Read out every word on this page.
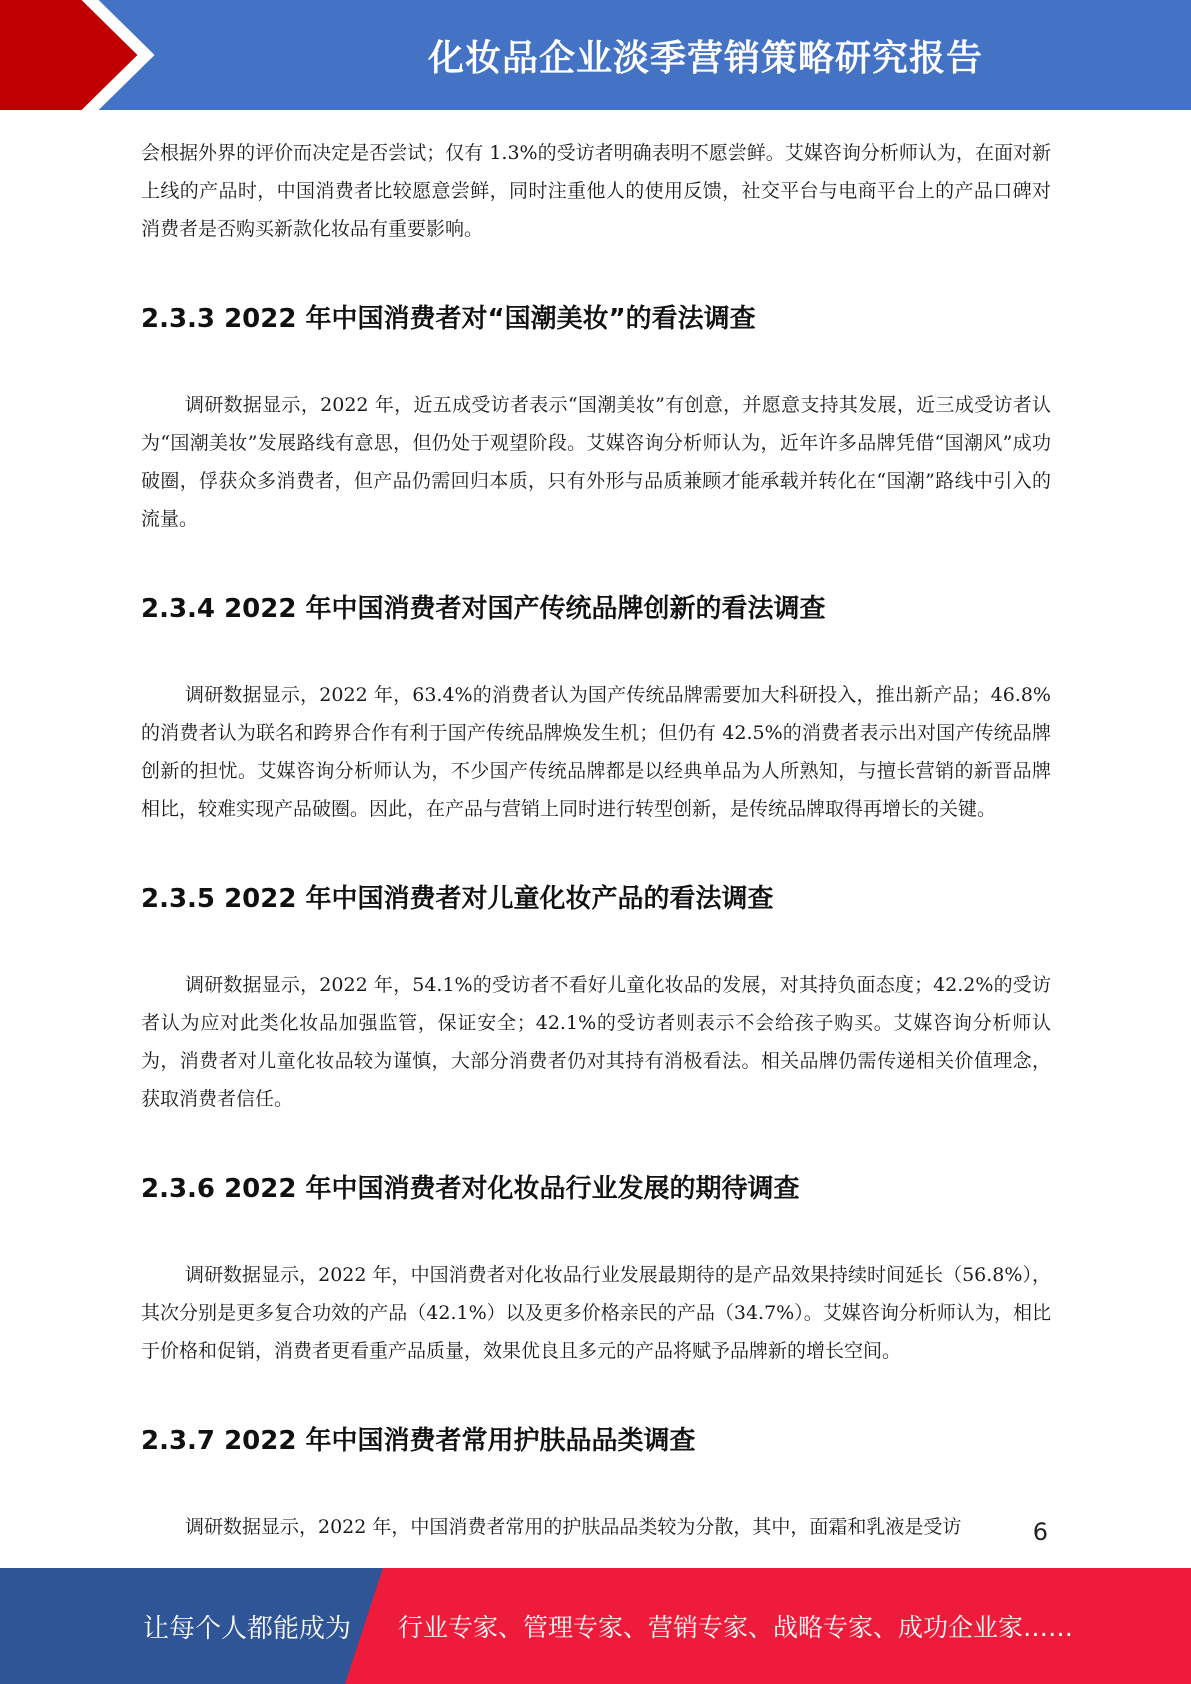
化妆品企业淡季营销策略研究报告

会根据外界的评价而决定是否尝试；仅有 1.3%的受访者明确表明不愿尝鲜。艾媒咨询分析师认为，在面对新上线的产品时，中国消费者比较愿意尝鲜，同时注重他人的使用反馈，社交平台与电商平台上的产品口碑对消费者是否购买新款化妆品有重要影响。

2.3.3 2022 年中国消费者对“国潮美妆”的看法调查

调研数据显示，2022 年，近五成受访者表示“国潮美妆”有创意，并愿意支持其发展，近三成受访者认为“国潮美妆”发展路线有意思，但仍处于观望阶段。艾媒咨询分析师认为，近年许多品牌凭借“国潮风”成功破圈，俘获众多消费者，但产品仍需回归本质，只有外形与品质兼顾才能承载并转化在“国潮”路线中引入的流量。

2.3.4 2022 年中国消费者对国产传统品牌创新的看法调查

调研数据显示，2022 年，63.4%的消费者认为国产传统品牌需要加大科研投入，推出新产品；46.8%的消费者认为联名和跨界合作有利于国产传统品牌焕发生机；但仍有 42.5%的消费者表示出对国产传统品牌创新的担忧。艾媒咨询分析师认为，不少国产传统品牌都是以经典单品为人所熟知，与擅长营销的新晋品牌相比，较难实现产品破圈。因此，在产品与营销上同时进行转型创新，是传统品牌取得再增长的关键。

2.3.5 2022 年中国消费者对儿童化妆产品的看法调查

调研数据显示，2022 年，54.1%的受访者不看好儿童化妆品的发展，对其持负面态度；42.2%的受访者认为应对此类化妆品加强监管，保证安全；42.1%的受访者则表示不会给孩子购买。艾媒咨询分析师认为，消费者对儿童化妆品较为谨慎，大部分消费者仍对其持有消极看法。相关品牌仍需传递相关价值理念，获取消费者信任。

2.3.6 2022 年中国消费者对化妆品行业发展的期待调查

调研数据显示，2022 年，中国消费者对化妆品行业发展最期待的是产品效果持续时间延长（56.8%），其次分别是更多复合功效的产品（42.1%）以及更多价格亲民的产品（34.7%）。艾媒咨询分析师认为，相比于价格和促销，消费者更看重产品质量，效果优良且多元的产品将赋予品牌新的增长空间。

2.3.7 2022 年中国消费者常用护肤品品类调查

调研数据显示，2022 年，中国消费者常用的护肤品品类较为分散，其中，面霜和乳液是受访	6
让每个人都能成为 行业专家、管理专家、营销专家、战略专家、成功企业家……
